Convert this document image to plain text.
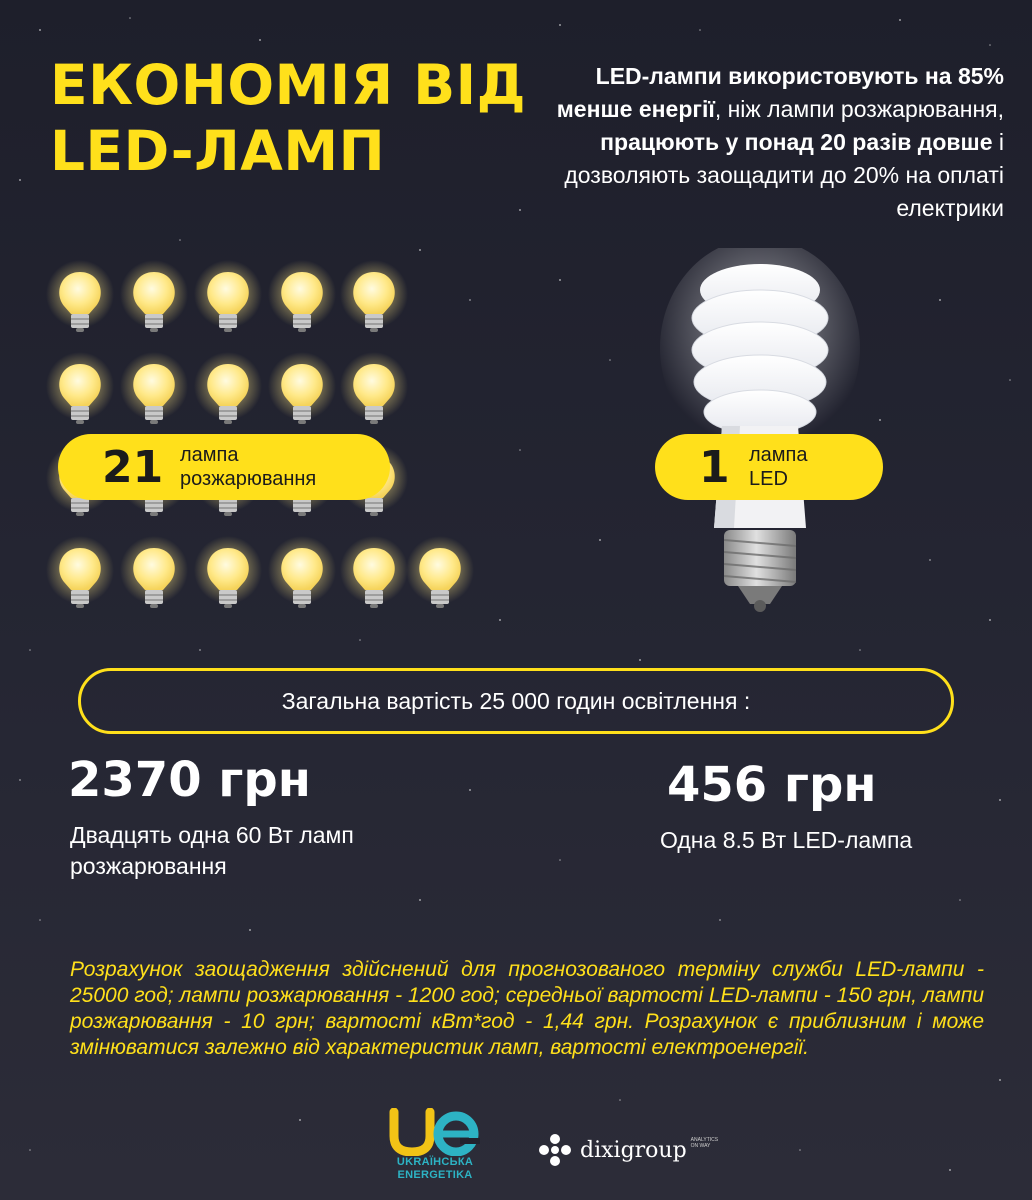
ЕКОНОМІЯ ВІД
LED-ЛАМП
LED-лампи використовують на 85% менше енергії, ніж лампи розжарювання, працюють у понад 20 разів довше і дозволяють заощадити до 20% на оплаті електрики
21 лампа
розжарювання	1 лампа
LED
Загальна вартість 25 000 годин освітлення :
2370 грн
Двадцять одна 60 Вт ламп розжарювання
456 грн
Одна 8.5 Вт LED-лампа
Розрахунок заощадження здійснений для прогнозованого терміну служби LED-лампи - 25000 год; лампи розжарювання - 1200 год; середньої вартості LED-лампи - 150 грн, лампи розжарювання - 10 грн; вартості кВт*год - 1,44 грн. Розрахунок є приблизним і може змінюватися залежно від характеристик ламп, вартості електроенергії.
UKRAЇНСЬКА
ENERGETIKA
dixigroup ANALYTICS ON WAY
